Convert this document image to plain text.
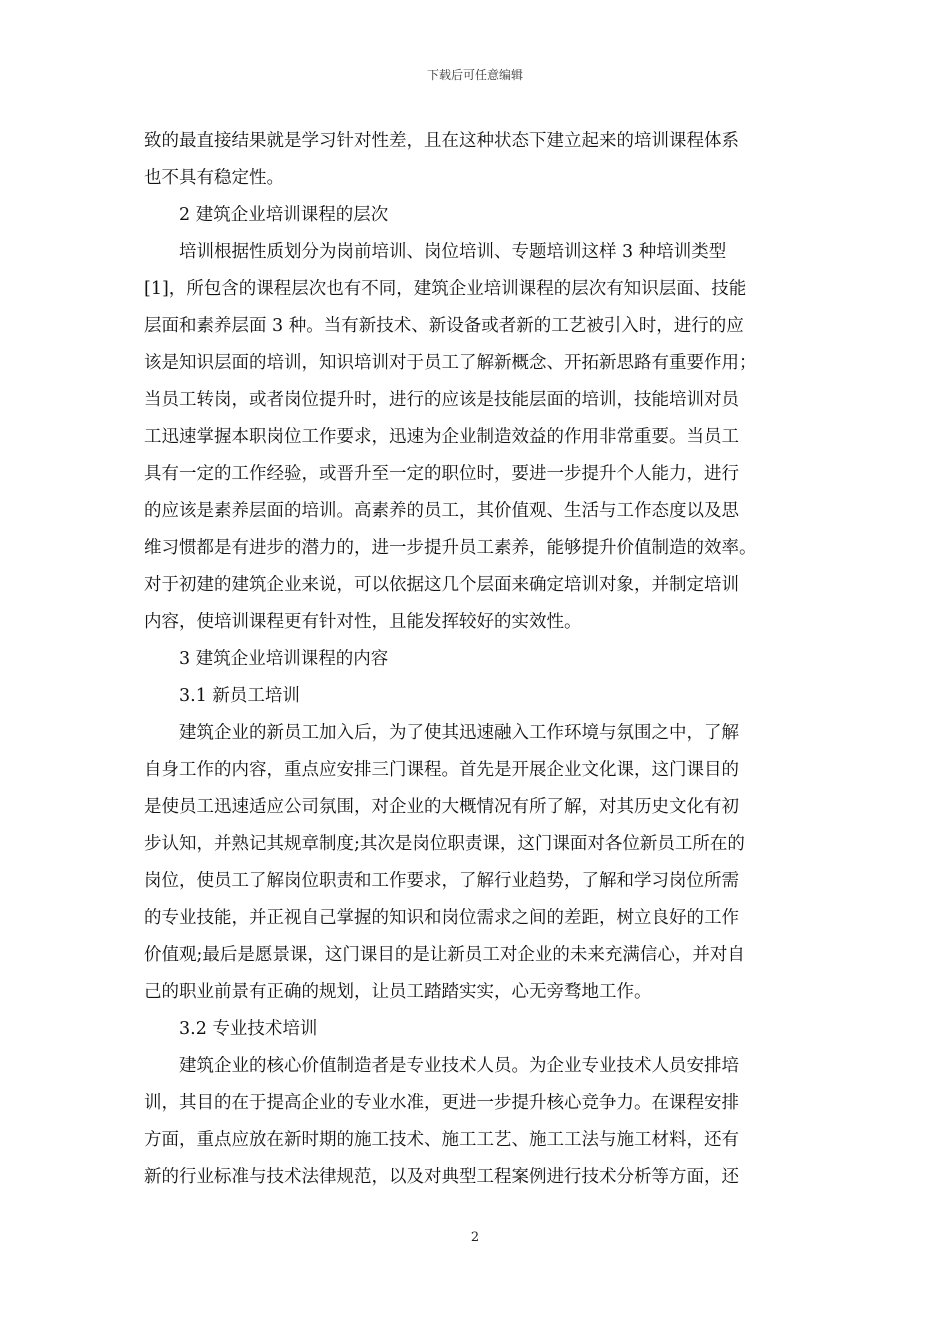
下载后可任意编辑

致的最直接结果就是学习针对性差，且在这种状态下建立起来的培训课程体系

也不具有稳定性。

2 建筑企业培训课程的层次

培训根据性质划分为岗前培训、岗位培训、专题培训这样 3 种培训类型

[1]，所包含的课程层次也有不同，建筑企业培训课程的层次有知识层面、技能

层面和素养层面 3 种。当有新技术、新设备或者新的工艺被引入时，进行的应

该是知识层面的培训，知识培训对于员工了解新概念、开拓新思路有重要作用；

当员工转岗，或者岗位提升时，进行的应该是技能层面的培训，技能培训对员

工迅速掌握本职岗位工作要求，迅速为企业制造效益的作用非常重要。当员工

具有一定的工作经验，或晋升至一定的职位时，要进一步提升个人能力，进行

的应该是素养层面的培训。高素养的员工，其价值观、生活与工作态度以及思

维习惯都是有进步的潜力的，进一步提升员工素养，能够提升价值制造的效率。

对于初建的建筑企业来说，可以依据这几个层面来确定培训对象，并制定培训

内容，使培训课程更有针对性，且能发挥较好的实效性。

3 建筑企业培训课程的内容

3.1 新员工培训

建筑企业的新员工加入后，为了使其迅速融入工作环境与氛围之中，了解

自身工作的内容，重点应安排三门课程。首先是开展企业文化课，这门课目的

是使员工迅速适应公司氛围，对企业的大概情况有所了解，对其历史文化有初

步认知，并熟记其规章制度;其次是岗位职责课，这门课面对各位新员工所在的

岗位，使员工了解岗位职责和工作要求，了解行业趋势，了解和学习岗位所需

的专业技能，并正视自己掌握的知识和岗位需求之间的差距，树立良好的工作

价值观;最后是愿景课，这门课目的是让新员工对企业的未来充满信心，并对自

己的职业前景有正确的规划，让员工踏踏实实，心无旁骛地工作。

3.2 专业技术培训

建筑企业的核心价值制造者是专业技术人员。为企业专业技术人员安排培

训，其目的在于提高企业的专业水准，更进一步提升核心竞争力。在课程安排

方面，重点应放在新时期的施工技术、施工工艺、施工工法与施工材料，还有

新的行业标准与技术法律规范，以及对典型工程案例进行技术分析等方面，还

2
